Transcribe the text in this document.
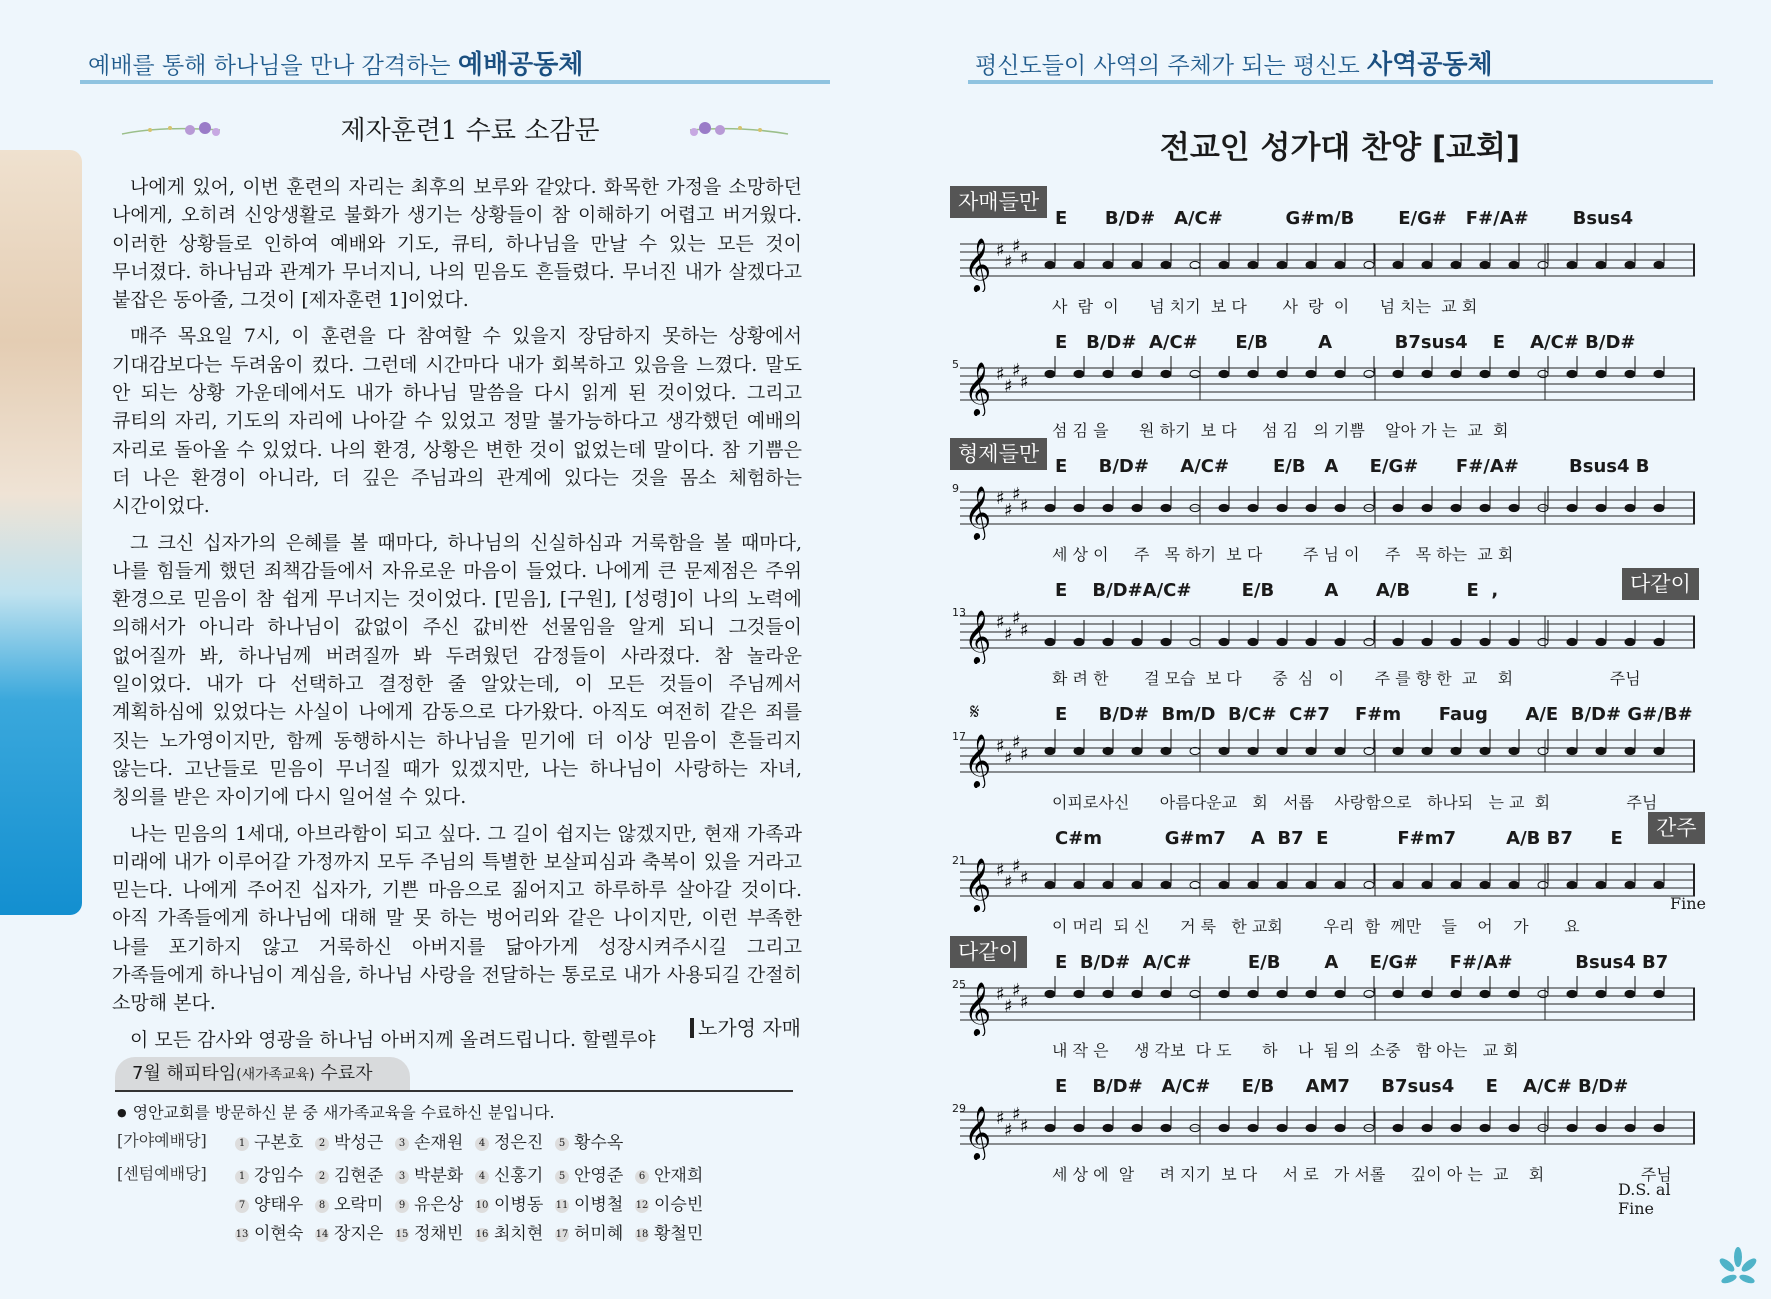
예배를 통해 하나님을 만나 감격하는 예배공동체
제자훈련1 수료 소감문

나에게 있어, 이번 훈련의 자리는 최후의 보루와 같았다. 화목한 가정을 소망하던 나에게, 오히려 신앙생활로 불화가 생기는 상황들이 참 이해하기 어렵고 버거웠다. 이러한 상황들로 인하여 예배와 기도, 큐티, 하나님을 만날 수 있는 모든 것이 무너졌다. 하나님과 관계가 무너지니, 나의 믿음도 흔들렸다. 무너진 내가 살겠다고 붙잡은 동아줄, 그것이 [제자훈련 1]이었다.

매주 목요일 7시, 이 훈련을 다 참여할 수 있을지 장담하지 못하는 상황에서 기대감보다는 두려움이 컸다. 그런데 시간마다 내가 회복하고 있음을 느꼈다. 말도 안 되는 상황 가운데에서도 내가 하나님 말씀을 다시 읽게 된 것이었다. 그리고 큐티의 자리, 기도의 자리에 나아갈 수 있었고 정말 불가능하다고 생각했던 예배의 자리로 돌아올 수 있었다. 나의 환경, 상황은 변한 것이 없었는데 말이다. 참 기쁨은 더 나은 환경이 아니라, 더 깊은 주님과의 관계에 있다는 것을 몸소 체험하는 시간이었다.

그 크신 십자가의 은혜를 볼 때마다, 하나님의 신실하심과 거룩함을 볼 때마다, 나를 힘들게 했던 죄책감들에서 자유로운 마음이 들었다. 나에게 큰 문제점은 주위 환경으로 믿음이 참 쉽게 무너지는 것이었다. [믿음], [구원], [성령]이 나의 노력에 의해서가 아니라 하나님이 값없이 주신 값비싼 선물임을 알게 되니 그것들이 없어질까 봐, 하나님께 버려질까 봐 두려웠던 감정들이 사라졌다. 참 놀라운 일이었다. 내가 다 선택하고 결정한 줄 알았는데, 이 모든 것들이 주님께서 계획하심에 있었다는 사실이 나에게 감동으로 다가왔다. 아직도 여전히 같은 죄를 짓는 노가영이지만, 함께 동행하시는 하나님을 믿기에 더 이상 믿음이 흔들리지 않는다. 고난들로 믿음이 무너질 때가 있겠지만, 나는 하나님이 사랑하는 자녀, 칭의를 받은 자이기에 다시 일어설 수 있다.

나는 믿음의 1세대, 아브라함이 되고 싶다. 그 길이 쉽지는 않겠지만, 현재 가족과 미래에 내가 이루어갈 가정까지 모두 주님의 특별한 보살피심과 축복이 있을 거라고 믿는다. 나에게 주어진 십자가, 기쁜 마음으로 짊어지고 하루하루 살아갈 것이다. 아직 가족들에게 하나님에 대해 말 못 하는 벙어리와 같은 나이지만, 이런 부족한 나를 포기하지 않고 거룩하신 아버지를 닮아가게 성장시켜주시길 그리고 가족들에게 하나님이 계심을, 하나님 사랑을 전달하는 통로로 내가 사용되길 간절히 소망해 본다.

이 모든 감사와 영광을 하나님 아버지께 올려드립니다. 할렐루야	노가영 자매
7월 해피타임(새가족교육) 수료자
● 영안교회를 방문하신 분 중 새가족교육을 수료하신 분입니다.
[가야예배당]	1 구본호	2 박성근	3 손재원	4 정은진	5 황수옥
[센텀예배당]	1 강임수	2 김현준	3 박분화	4 신홍기	5 안영준	6 안재희
7 양태우	8 오락미	9 유은상	10 이병동	11 이병철	12 이승빈
13 이현숙	14 장지은	15 정채빈	16 최치현	17 허미혜	18 황철민
평신도들이 사역의 주체가 되는 평신도 사역공동체
전교인 성가대 찬양 [교회]
E      B/D#   A/C#          G#m/B       E/G#   F#/A#       Bsus4
𝄞 ♯
♯
♯
♯
사  람  이      넘 치기  보 다       사  랑  이      넘 치는  교 회
E   B/D#  A/C#      E/B        A          B7sus4    E    A/C# B/D#
𝄞 ♯
♯
♯
♯
5
섬 김 을      원 하기  보 다     섬 김   의 기쁨    알아 가 는  교  회
E     B/D#     A/C#       E/B   A     E/G#      F#/A#        Bsus4 B
𝄞 ♯
♯
♯
♯
9
세 상 이     주   목 하기  보 다        주 님 이     주   목 하는  교 회
E    B/D#A/C#        E/B        A      A/B         E  ,
𝄞 ♯
♯
♯
♯
13
화 려 한       걸 모습  보 다      중  심   이      주 를 향 한  교    회                   주님
E     B/D#  Bm/D  B/C#  C#7    F#m      Faug      A/E  B/D# G#/B#
𝄞 ♯
♯
♯
♯
17
이피로사신      아름다운교   회   서롭    사랑함으로   하나되   는 교  회               주님
C#m          G#m7    A  B7  E           F#m7        A/B B7      E
𝄞 ♯
♯
♯
♯
21
이 머리  되 신      거 룩   한 교회        우리  함  께만    들    어    가       요
E  B/D#  A/C#         E/B       A     E/G#     F#/A#          Bsus4 B7
𝄞 ♯
♯
♯
♯
25
내 작 은     생 각보  다 도      하    나  됨 의  소중   함 아는   교 회
E    B/D#   A/C#     E/B     AM7     B7sus4     E    A/C# B/D#
𝄞 ♯
♯
♯
♯
29
세 상 에  알     려 지기  보 다     서 로   가 서롤     깊이 아 는  교    회                   주님
자매들만
형제들만
다같이
간주
다같이
𝄋
Fine
D.S. al Fine
